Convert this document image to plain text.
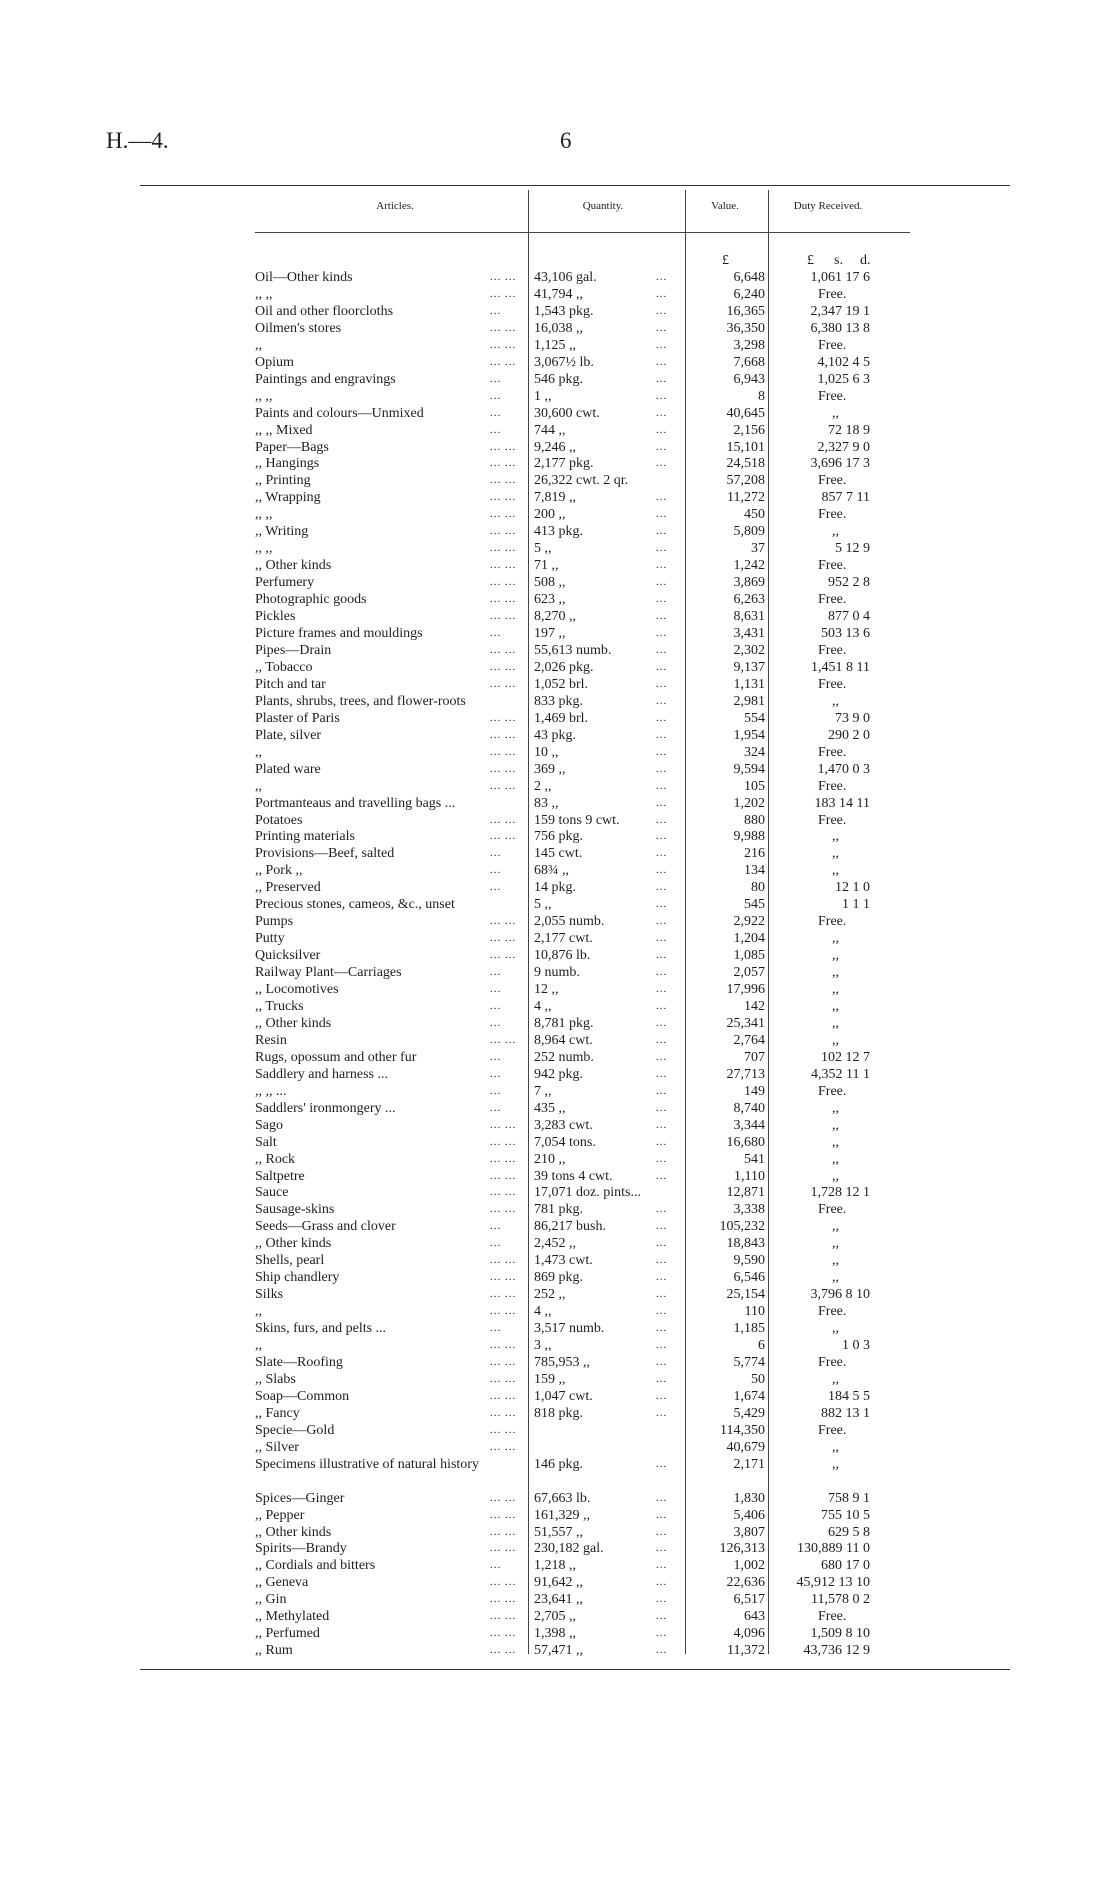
H.—4.	6
Articles.	Quantity.	Value.	Duty Received.
£	£ s. d.
Oil—Other kinds	... ... 43,106 gal.	...	6,648	1,061 17 6
,, ,,	... ... 41,794 ,,	...	6,240	Free.
Oil and other floorcloths	...	1,543 pkg.	...	16,365	2,347 19 1
Oilmen's stores	... ... 16,038 ,,	...	36,350	6,380 13 8
,,	... ... 1,125 ,,	...	3,298	Free.
Opium	... ... 3,067½ lb.	...	7,668	4,102 4 5
Paintings and engravings	...	546 pkg.	...	6,943	1,025 6 3
,, ,,	...	1 ,,	...	8	Free.
Paints and colours—Unmixed	...	30,600 cwt.	...	40,645	,,
,, ,, Mixed	...	744 ,,	...	2,156	72 18 9
Paper—Bags	... ... 9,246 ,,	...	15,101	2,327 9 0
,, Hangings	... ... 2,177 pkg.	...	24,518	3,696 17 3
,, Printing	... ... 26,322 cwt. 2 qr.	57,208	Free.
,, Wrapping	... ... 7,819 ,,	...	11,272	857 7 11
,, ,,	... ... 200 ,,	...	450	Free.
,, Writing	... ... 413 pkg.	...	5,809	,,
,, ,,	... ... 5 ,,	...	37	5 12 9
,, Other kinds	... ... 71 ,,	...	1,242	Free.
Perfumery	... ... 508 ,,	...	3,869	952 2 8
Photographic goods	... ... 623 ,,	...	6,263	Free.
Pickles	... ... 8,270 ,,	...	8,631	877 0 4
Picture frames and mouldings	...	197 ,,	...	3,431	503 13 6
Pipes—Drain	... ... 55,613 numb.	...	2,302	Free.
,, Tobacco	... ... 2,026 pkg.	...	9,137	1,451 8 11
Pitch and tar	... ... 1,052 brl.	...	1,131	Free.
Plants, shrubs, trees, and flower-roots	833 pkg.	...	2,981	,,
Plaster of Paris	... ... 1,469 brl.	...	554	73 9 0
Plate, silver	... ... 43 pkg.	...	1,954	290 2 0
,,	... ... 10 ,,	...	324	Free.
Plated ware	... ... 369 ,,	...	9,594	1,470 0 3
,,	... ... 2 ,,	...	105	Free.
Portmanteaus and travelling bags ...	83 ,,	...	1,202	183 14 11
Potatoes	... ... 159 tons 9 cwt.	...	880	Free.
Printing materials	... ... 756 pkg.	...	9,988	,,
Provisions—Beef, salted	...	145 cwt.	...	216	,,
,, Pork ,,	...	68¾ ,,	...	134	,,
,, Preserved	...	14 pkg.	...	80	12 1 0
Precious stones, cameos, &c., unset	5 ,,	...	545	1 1 1
Pumps	... ... 2,055 numb.	...	2,922	Free.
Putty	... ... 2,177 cwt.	...	1,204	,,
Quicksilver	... ... 10,876 lb.	...	1,085	,,
Railway Plant—Carriages	...	9 numb.	...	2,057	,,
,, Locomotives	...	12 ,,	...	17,996	,,
,, Trucks	...	4 ,,	...	142	,,
,, Other kinds	...	8,781 pkg.	...	25,341	,,
Resin	... ... 8,964 cwt.	...	2,764	,,
Rugs, opossum and other fur	...	252 numb.	...	707	102 12 7
Saddlery and harness ...	...	942 pkg.	...	27,713	4,352 11 1
,, ,, ...	...	7 ,,	...	149	Free.
Saddlers' ironmongery ...	...	435 ,,	...	8,740	,,
Sago	... ... 3,283 cwt.	...	3,344	,,
Salt	... ... 7,054 tons.	...	16,680	,,
,, Rock	... ... 210 ,,	...	541	,,
Saltpetre	... ... 39 tons 4 cwt.	...	1,110	,,
Sauce	... ... 17,071 doz. pints...	12,871	1,728 12 1
Sausage-skins	... ... 781 pkg.	...	3,338	Free.
Seeds—Grass and clover	...	86,217 bush.	...	105,232	,,
,, Other kinds	...	2,452 ,,	...	18,843	,,
Shells, pearl	... ... 1,473 cwt.	...	9,590	,,
Ship chandlery	... ... 869 pkg.	...	6,546	,,
Silks	... ... 252 ,,	...	25,154	3,796 8 10
,,	... ... 4 ,,	...	110	Free.
Skins, furs, and pelts ...	...	3,517 numb.	...	1,185	,,
,,	... ... 3 ,,	...	6	1 0 3
Slate—Roofing	... ... 785,953 ,,	...	5,774	Free.
,, Slabs	... ... 159 ,,	...	50	,,
Soap—Common	... ... 1,047 cwt.	...	1,674	184 5 5
,, Fancy	... ... 818 pkg.	...	5,429	882 13 1
Specie—Gold	... ...	114,350	Free.
,, Silver	... ...	40,679	,,
Specimens illustrative of natural history	146 pkg.	...	2,171	,,
Spices—Ginger	... ... 67,663 lb.	...	1,830	758 9 1
,, Pepper	... ... 161,329 ,,	...	5,406	755 10 5
,, Other kinds	... ... 51,557 ,,	...	3,807	629 5 8
Spirits—Brandy	... ... 230,182 gal.	...	126,313	130,889 11 0
,, Cordials and bitters	...	1,218 ,,	...	1,002	680 17 0
,, Geneva	... ... 91,642 ,,	...	22,636	45,912 13 10
,, Gin	... ... 23,641 ,,	...	6,517	11,578 0 2
,, Methylated	... ... 2,705 ,,	...	643	Free.
,, Perfumed	... ... 1,398 ,,	...	4,096	1,509 8 10
,, Rum	... ... 57,471 ,,	...	11,372	43,736 12 9
